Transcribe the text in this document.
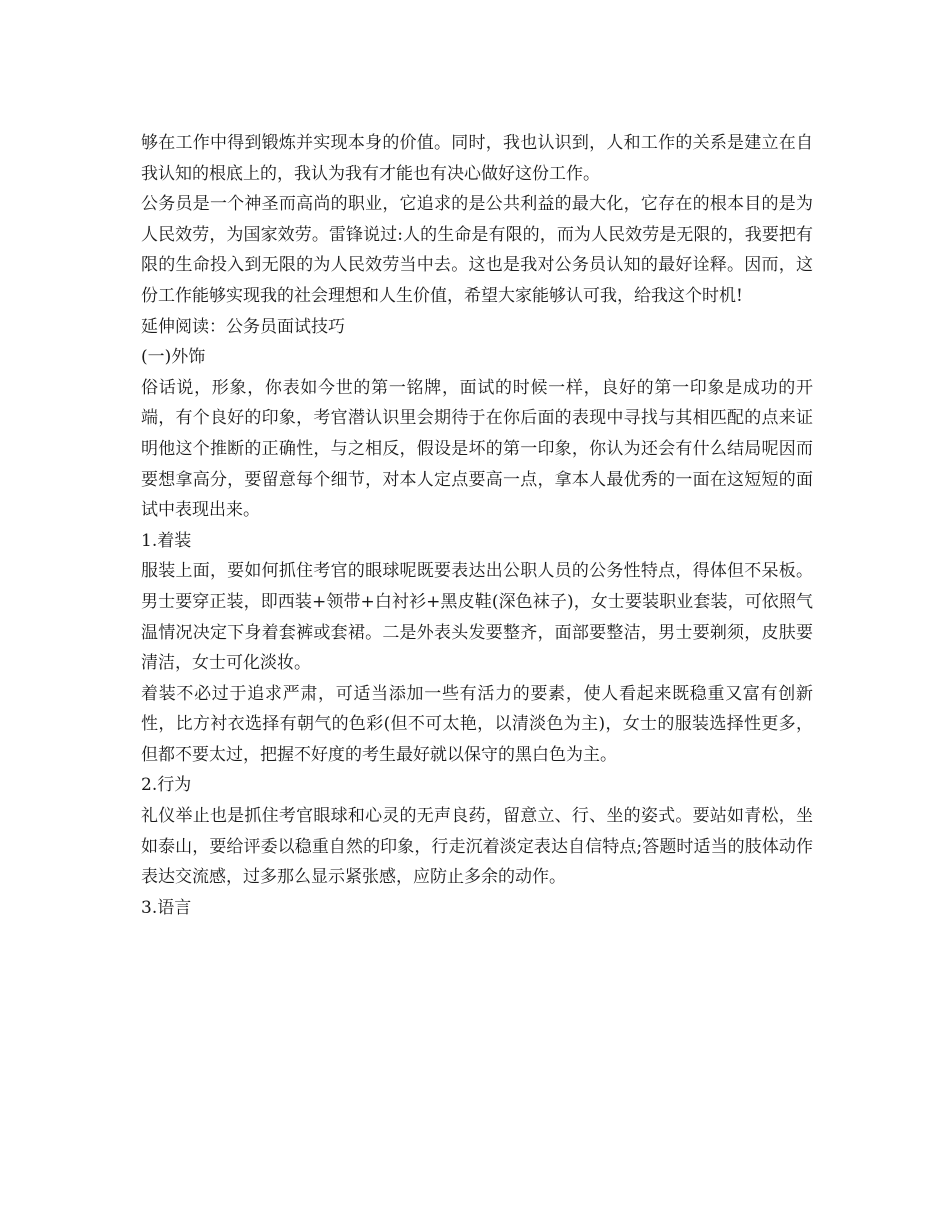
够在工作中得到锻炼并实现本身的价值。同时，我也认识到，人和工作的关系是建立在自我认知的根底上的，我认为我有才能也有决心做好这份工作。

公务员是一个神圣而高尚的职业，它追求的是公共利益的最大化，它存在的根本目的是为人民效劳，为国家效劳。雷锋说过:人的生命是有限的，而为人民效劳是无限的，我要把有限的生命投入到无限的为人民效劳当中去。这也是我对公务员认知的最好诠释。因而，这份工作能够实现我的社会理想和人生价值，希望大家能够认可我，给我这个时机!

延伸阅读：公务员面试技巧

(一)外饰

俗话说，形象，你表如今世的第一铭牌，面试的时候一样，良好的第一印象是成功的开端，有个良好的印象，考官潜认识里会期待于在你后面的表现中寻找与其相匹配的点来证明他这个推断的正确性，与之相反，假设是坏的第一印象，你认为还会有什么结局呢因而要想拿高分，要留意每个细节，对本人定点要高一点，拿本人最优秀的一面在这短短的面试中表现出来。

1.着装

服装上面，要如何抓住考官的眼球呢既要表达出公职人员的公务性特点，得体但不呆板。男士要穿正装，即西装+领带+白衬衫+黑皮鞋(深色袜子)，女士要装职业套装，可依照气温情况决定下身着套裤或套裙。二是外表头发要整齐，面部要整洁，男士要剃须，皮肤要清洁，女士可化淡妆。

着装不必过于追求严肃，可适当添加一些有活力的要素，使人看起来既稳重又富有创新性，比方衬衣选择有朝气的色彩(但不可太艳，以清淡色为主)，女士的服装选择性更多，但都不要太过，把握不好度的考生最好就以保守的黑白色为主。

2.行为

礼仪举止也是抓住考官眼球和心灵的无声良药，留意立、行、坐的姿式。要站如青松，坐如泰山，要给评委以稳重自然的印象，行走沉着淡定表达自信特点;答题时适当的肢体动作表达交流感，过多那么显示紧张感，应防止多余的动作。

3.语言
